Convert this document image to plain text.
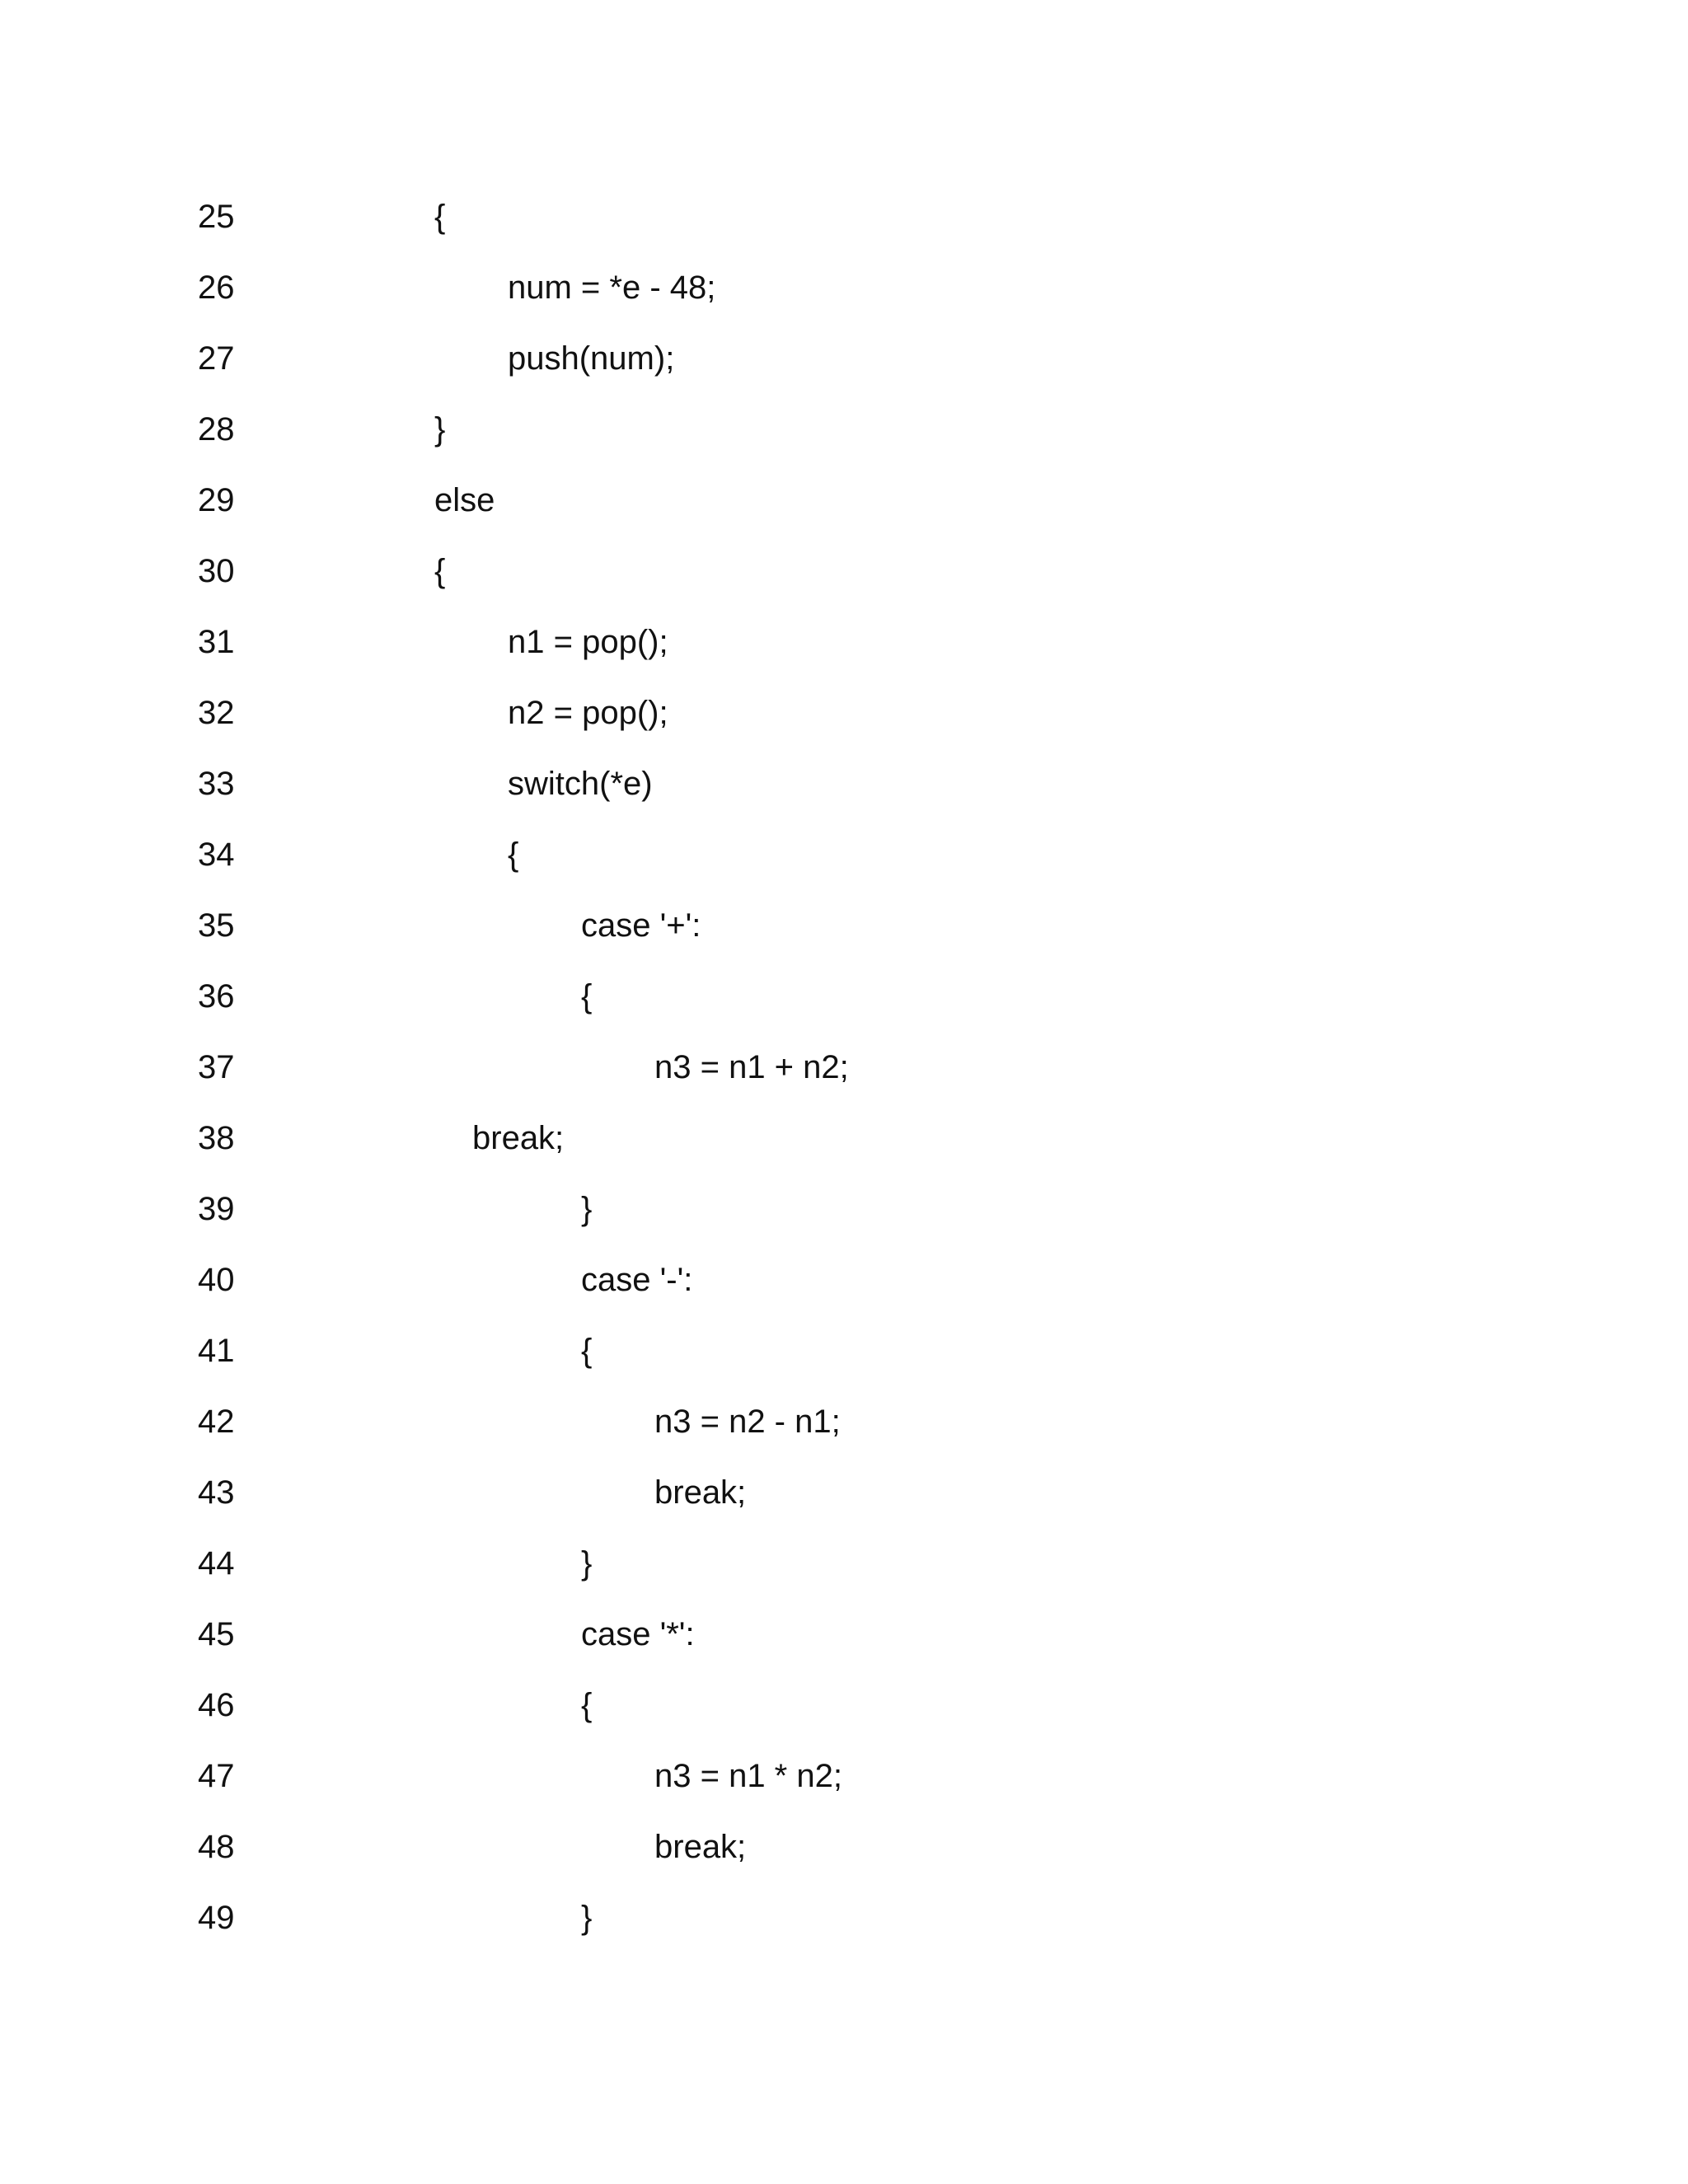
25

	{

26

	num = *e - 48;

27

	push(num);

28

	}

29

	else

30

	{

31

	n1 = pop();

32

	n2 = pop();

33

	switch(*e)

34

	{

35

	case '+':

36

	{

37

	n3 = n1 + n2;

38

	break;

39

	}

40

	case '-':

41

	{

42

	n3 = n2 - n1;

43

	break;

44

	}

45

	case '*':

46

	{

47

	n3 = n1 * n2;

48

	break;

49

	}
